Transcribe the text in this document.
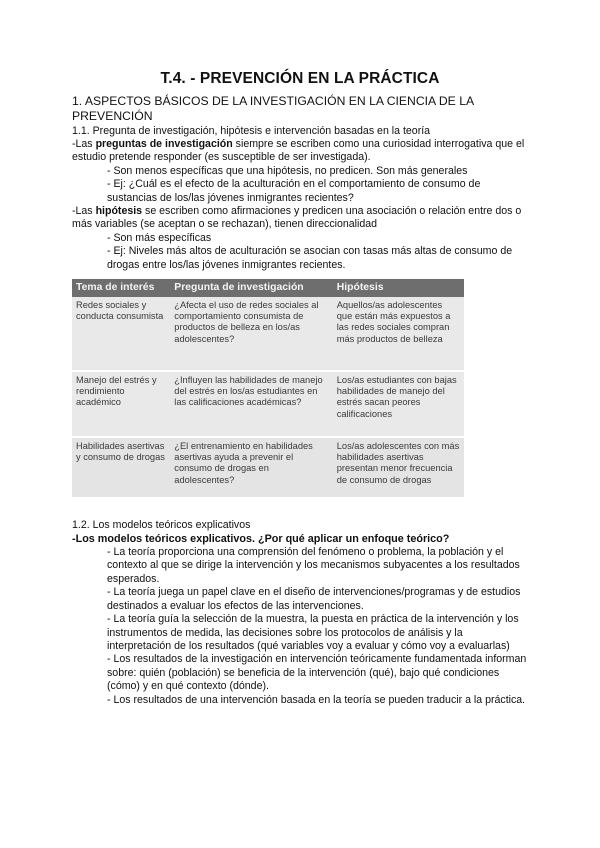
T.4. - PREVENCIÓN EN LA PRÁCTICA
1. ASPECTOS BÁSICOS DE LA INVESTIGACIÓN EN LA CIENCIA DE LA PREVENCIÓN
1.1. Pregunta de investigación, hipótesis e intervención basadas en la teoría
-Las preguntas de investigación siempre se escriben como una curiosidad interrogativa que el estudio pretende responder (es susceptible de ser investigada).
- Son menos específicas que una hipótesis, no predicen. Son más generales
- Ej: ¿Cuál es el efecto de la aculturación en el comportamiento de consumo de sustancias de los/las jóvenes inmigrantes recientes?
-Las hipótesis se escriben como afirmaciones y predicen una asociación o relación entre dos o más variables (se aceptan o se rechazan), tienen direccionalidad
- Son más específicas
- Ej: Niveles más altos de aculturación se asocian con tasas más altas de consumo de drogas entre los/las jóvenes inmigrantes recientes.
Tema de interés	Pregunta de investigación	Hipótesis
Redes sociales y conducta consumista	¿Afecta el uso de redes sociales al comportamiento consumista de productos de belleza en los/as adolescentes?	Aquellos/as adolescentes que están más expuestos a las redes sociales compran más productos de belleza
Manejo del estrés y rendimiento académico	¿Influyen las habilidades de manejo del estrés en los/as estudiantes en las calificaciones académicas?	Los/as estudiantes con bajas habilidades de manejo del estrés sacan peores calificaciones
Habilidades asertivas y consumo de drogas	¿El entrenamiento en habilidades asertivas ayuda a prevenir el consumo de drogas en adolescentes?	Los/as adolescentes con más habilidades asertivas presentan menor frecuencia de consumo de drogas
1.2. Los modelos teóricos explicativos
-Los modelos teóricos explicativos. ¿Por qué aplicar un enfoque teórico?
- La teoría proporciona una comprensión del fenómeno o problema, la población y el contexto al que se dirige la intervención y los mecanismos subyacentes a los resultados esperados.
- La teoría juega un papel clave en el diseño de intervenciones/programas y de estudios destinados a evaluar los efectos de las intervenciones.
- La teoría guía la selección de la muestra, la puesta en práctica de la intervención y los instrumentos de medida, las decisiones sobre los protocolos de análisis y la interpretación de los resultados (qué variables voy a evaluar y cómo voy a evaluarlas)
- Los resultados de la investigación en intervención teóricamente fundamentada informan sobre: quién (población) se beneficia de la intervención (qué), bajo qué condiciones (cómo) y en qué contexto (dónde).
- Los resultados de una intervención basada en la teoría se pueden traducir a la práctica.
